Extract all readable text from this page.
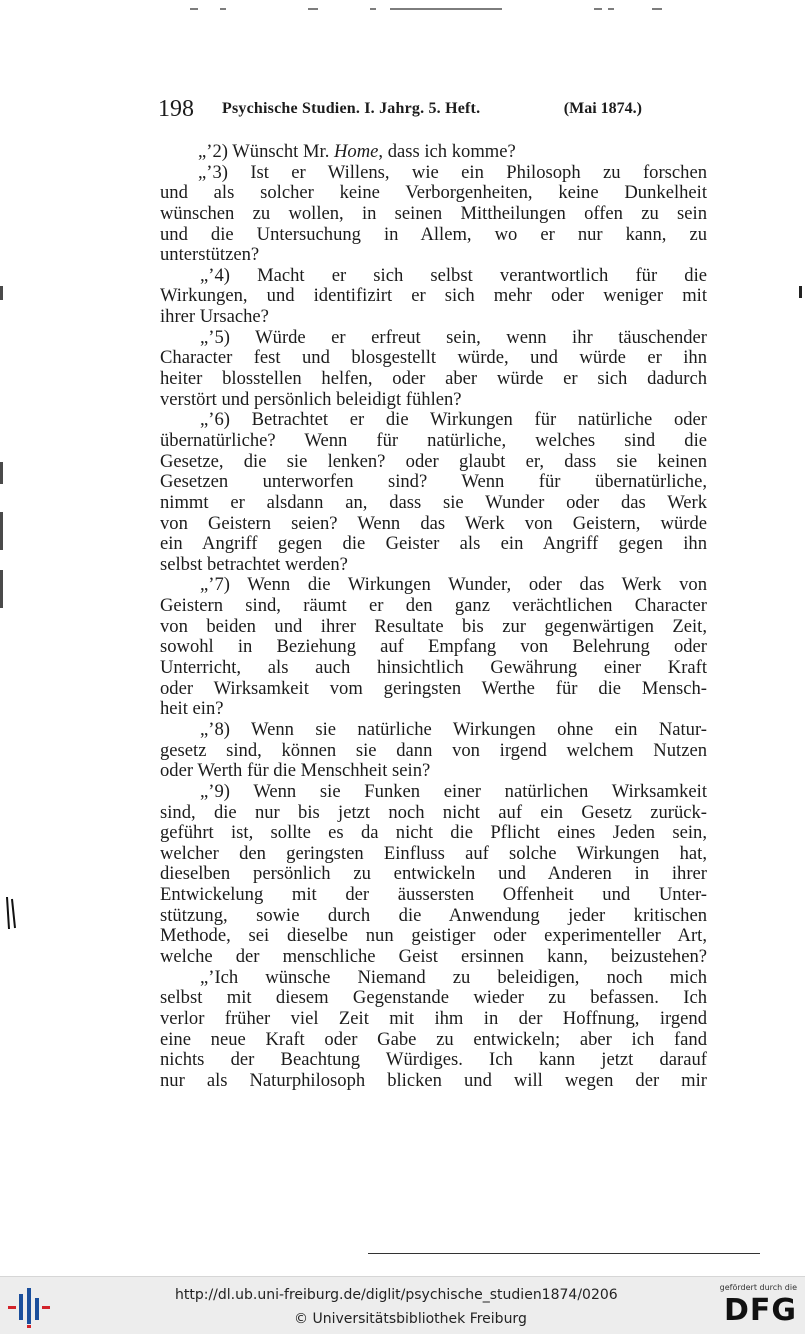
198 Psychische Studien. I. Jahrg. 5. Heft.	(Mai 1874.)
„’2) Wünscht Mr. Home, dass ich komme?
„’3) Ist er Willens, wie ein Philosoph zu forschen
und als solcher keine Verborgenheiten, keine Dunkelheit
wünschen zu wollen, in seinen Mittheilungen offen zu sein
und die Untersuchung in Allem, wo er nur kann, zu
unterstützen?
„’4) Macht er sich selbst verantwortlich für die
Wirkungen, und identifizirt er sich mehr oder weniger mit
ihrer Ursache?
„’5) Würde er erfreut sein, wenn ihr täuschender
Character fest und blosgestellt würde, und würde er ihn
heiter blosstellen helfen, oder aber würde er sich dadurch
verstört und persönlich beleidigt fühlen?
„’6) Betrachtet er die Wirkungen für natürliche oder
übernatürliche? Wenn für natürliche, welches sind die
Gesetze, die sie lenken? oder glaubt er, dass sie keinen
Gesetzen unterworfen sind? Wenn für übernatürliche,
nimmt er alsdann an, dass sie Wunder oder das Werk
von Geistern seien? Wenn das Werk von Geistern, würde
ein Angriff gegen die Geister als ein Angriff gegen ihn
selbst betrachtet werden?
„’7) Wenn die Wirkungen Wunder, oder das Werk von
Geistern sind, räumt er den ganz verächtlichen Character
von beiden und ihrer Resultate bis zur gegenwärtigen Zeit,
sowohl in Beziehung auf Empfang von Belehrung oder
Unterricht, als auch hinsichtlich Gewährung einer Kraft
oder Wirksamkeit vom geringsten Werthe für die Mensch-
heit ein?
„’8) Wenn sie natürliche Wirkungen ohne ein Natur-
gesetz sind, können sie dann von irgend welchem Nutzen
oder Werth für die Menschheit sein?
„’9) Wenn sie Funken einer natürlichen Wirksamkeit
sind, die nur bis jetzt noch nicht auf ein Gesetz zurück-
geführt ist, sollte es da nicht die Pflicht eines Jeden sein,
welcher den geringsten Einfluss auf solche Wirkungen hat,
dieselben persönlich zu entwickeln und Anderen in ihrer
Entwickelung mit der äussersten Offenheit und Unter-
stützung, sowie durch die Anwendung jeder kritischen
Methode, sei dieselbe nun geistiger oder experimenteller Art,
welche der menschliche Geist ersinnen kann, beizustehen?
„’Ich wünsche Niemand zu beleidigen, noch mich
selbst mit diesem Gegenstande wieder zu befassen. Ich
verlor früher viel Zeit mit ihm in der Hoffnung, irgend
eine neue Kraft oder Gabe zu entwickeln; aber ich fand
nichts der Beachtung Würdiges. Ich kann jetzt darauf
nur als Naturphilosoph blicken und will wegen der mir
http://dl.ub.uni-freiburg.de/diglit/psychische_studien1874/0206
© Universitätsbibliothek Freiburg
gefördert durch die
DFG
